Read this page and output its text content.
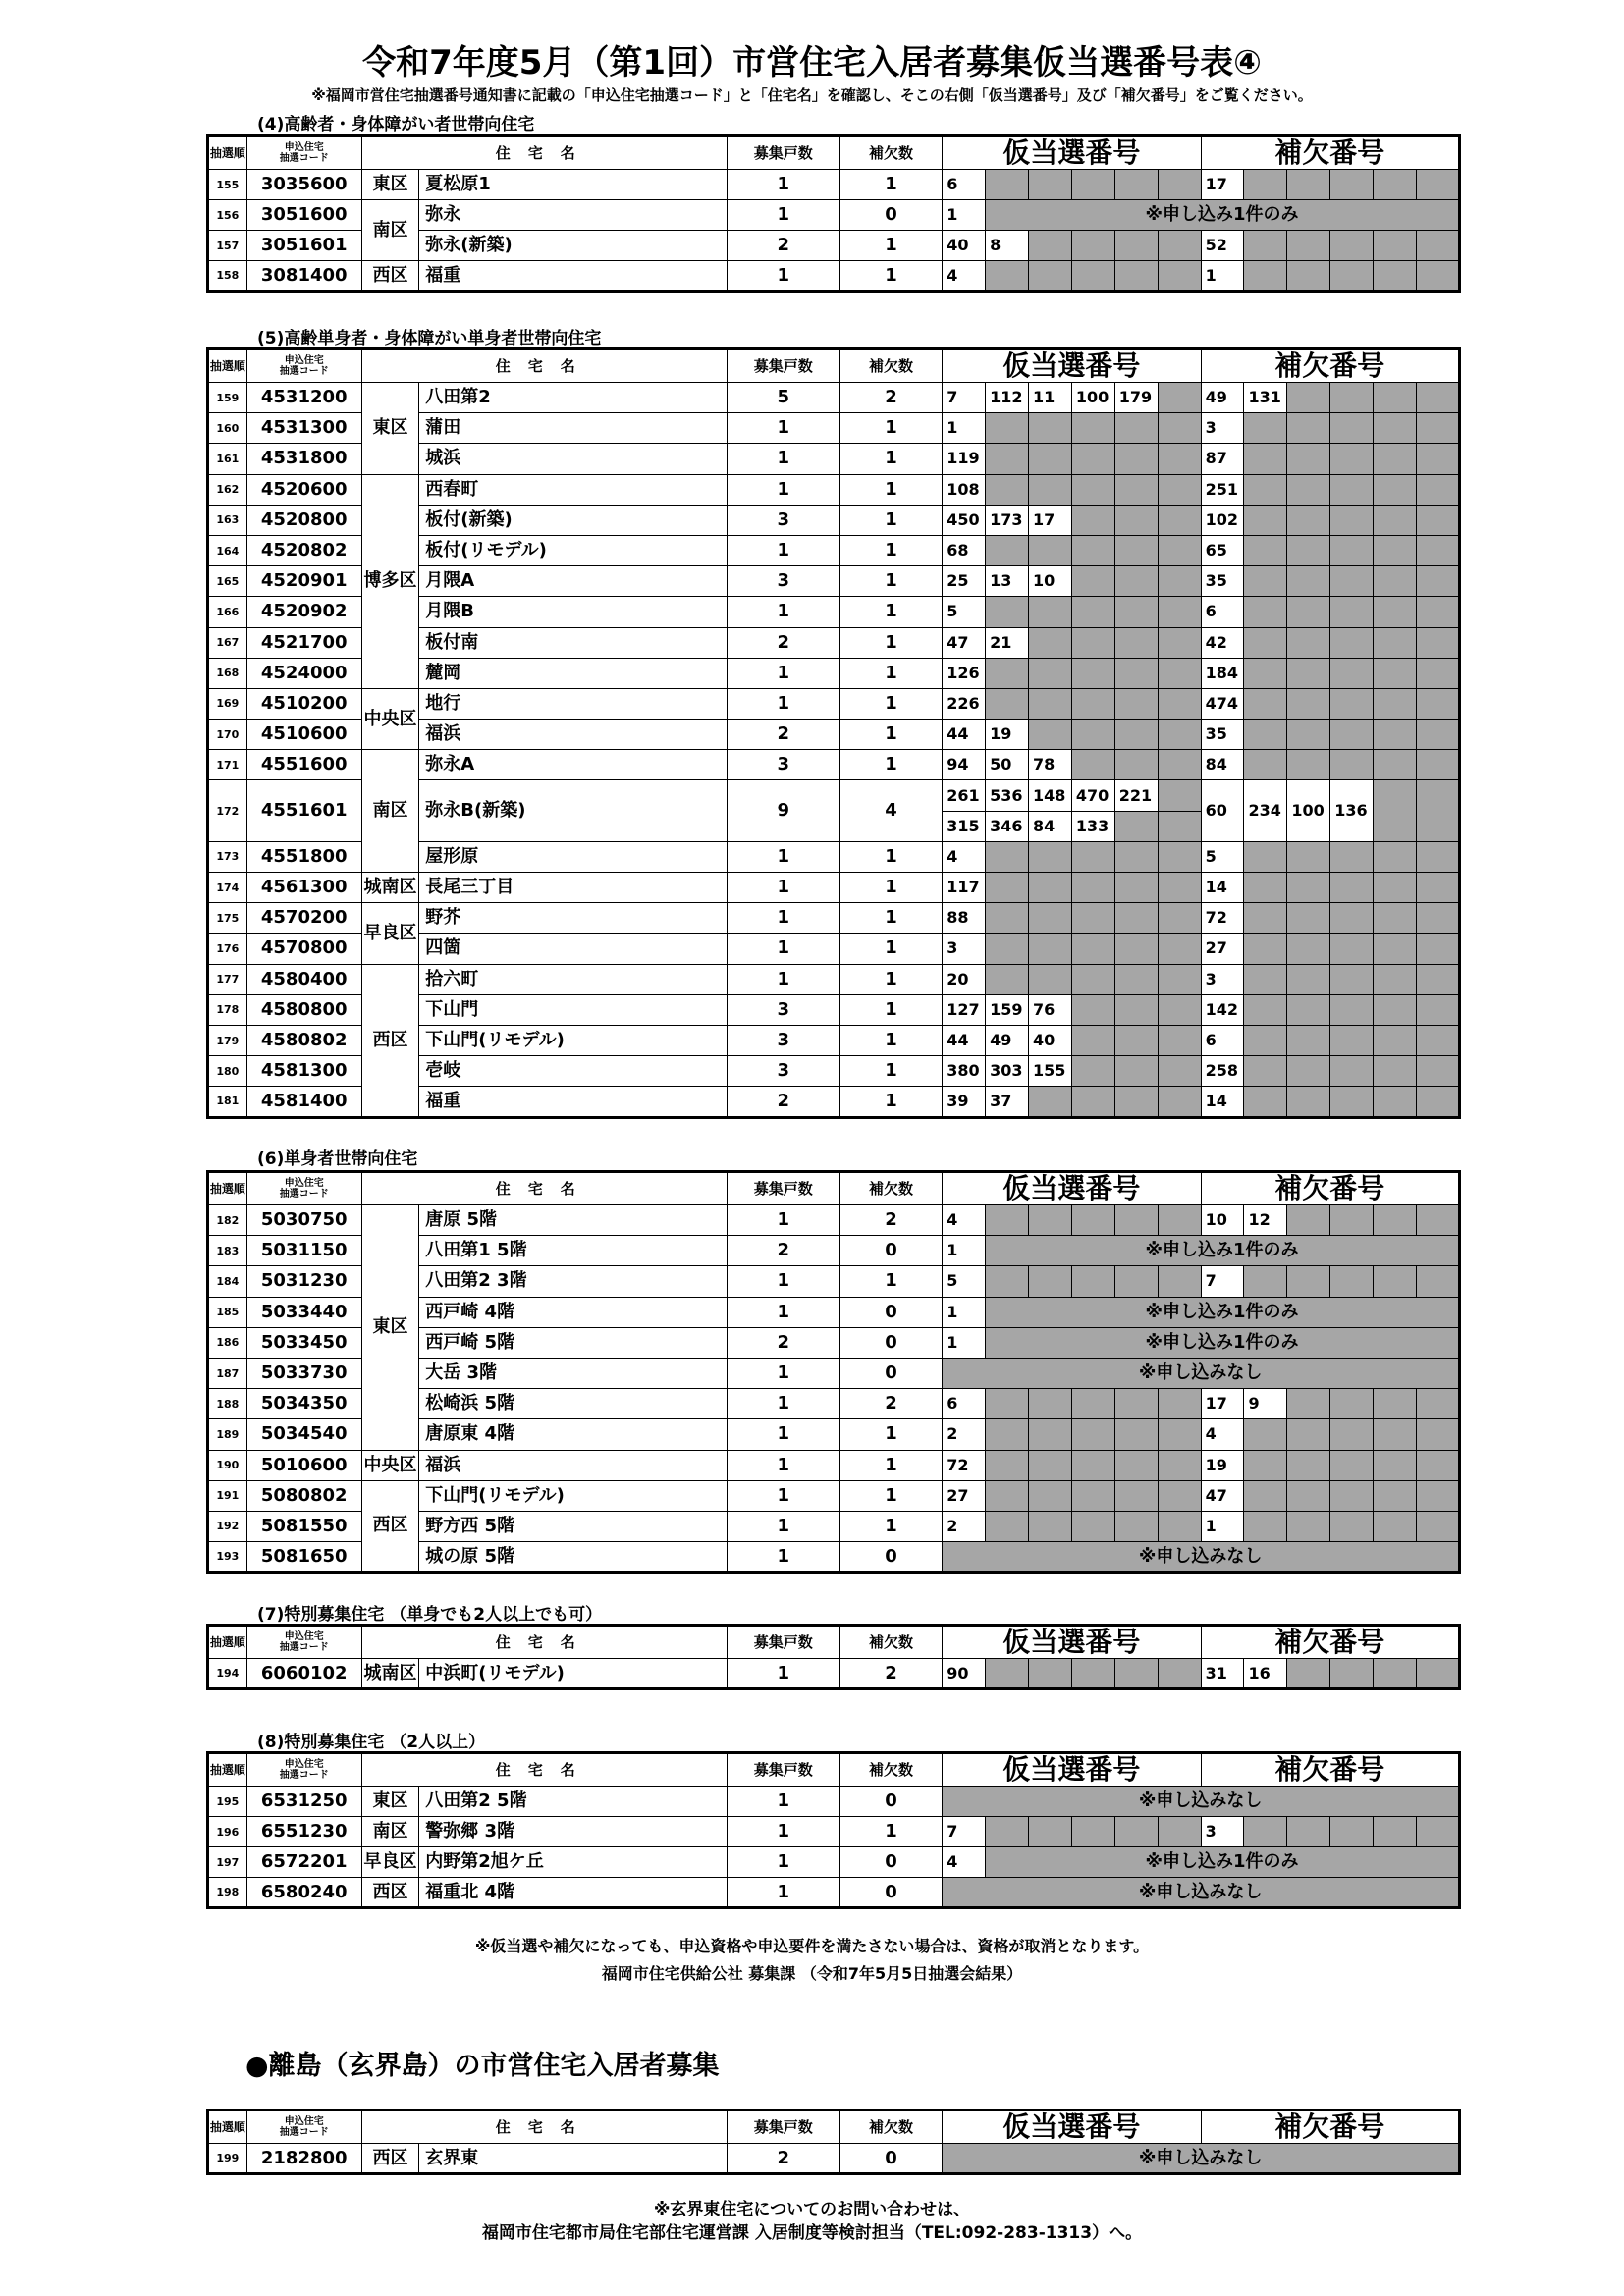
令和7年度5月（第1回）市営住宅入居者募集仮当選番号表④
※福岡市営住宅抽選番号通知書に記載の「申込住宅抽選コード」と「住宅名」を確認し、そこの右側「仮当選番号」及び「補欠番号」をご覧ください。
(4)高齢者・身体障がい者世帯向住宅
抽選順	申込住宅
抽選コード	住宅名		募集戸数	補欠数	仮当選番号						補欠番号					
155	3035600	東区	夏松原1	1	1	6						17					
156	3051600	南区	弥永	1	0	1	※申し込み1件のみ										
157	3051601		弥永(新築)	2	1	40	8					52					
158	3081400	西区	福重	1	1	4						1					
(5)高齢単身者・身体障がい単身者世帯向住宅
抽選順	申込住宅
抽選コード	住宅名		募集戸数	補欠数	仮当選番号						補欠番号					
159	4531200	東区	八田第2	5	2	7	112	11	100	179		49	131				
160	4531300		蒲田	1	1	1						3					
161	4531800		城浜	1	1	119						87					
162	4520600	博多区	西春町	1	1	108						251					
163	4520800		板付(新築)	3	1	450	173	17				102					
164	4520802		板付(リモデル)	1	1	68						65					
165	4520901		月隈A	3	1	25	13	10				35					
166	4520902		月隈B	1	1	5						6					
167	4521700		板付南	2	1	47	21					42					
168	4524000		麓岡	1	1	126						184					
169	4510200	中央区	地行	1	1	226						474					
170	4510600		福浜	2	1	44	19					35					
171	4551600	南区	弥永A	3	1	94	50	78				84					
172	4551601		弥永B(新築)	9	4	261	536	148	470	221		60	234	100	136		
						315	346	84	133								
173	4551800		屋形原	1	1	4						5					
174	4561300	城南区	長尾三丁目	1	1	117						14					
175	4570200	早良区	野芥	1	1	88						72					
176	4570800		四箇	1	1	3						27					
177	4580400	西区	拾六町	1	1	20						3					
178	4580800		下山門	3	1	127	159	76				142					
179	4580802		下山門(リモデル)	3	1	44	49	40				6					
180	4581300		壱岐	3	1	380	303	155				258					
181	4581400		福重	2	1	39	37					14					
(6)単身者世帯向住宅
抽選順	申込住宅
抽選コード	住宅名		募集戸数	補欠数	仮当選番号						補欠番号					
182	5030750	東区	唐原 5階	1	2	4						10	12				
183	5031150		八田第1 5階	2	0	1	※申し込み1件のみ										
184	5031230		八田第2 3階	1	1	5						7					
185	5033440		西戸崎 4階	1	0	1	※申し込み1件のみ										
186	5033450		西戸崎 5階	2	0	1	※申し込み1件のみ										
187	5033730		大岳 3階	1	0	※申し込みなし											
188	5034350		松崎浜 5階	1	2	6						17	9				
189	5034540		唐原東 4階	1	1	2						4					
190	5010600	中央区	福浜	1	1	72						19					
191	5080802	西区	下山門(リモデル)	1	1	27						47					
192	5081550		野方西 5階	1	1	2						1					
193	5081650		城の原 5階	1	0	※申し込みなし											
(7)特別募集住宅 （単身でも2人以上でも可）
抽選順	申込住宅
抽選コード	住宅名		募集戸数	補欠数	仮当選番号						補欠番号					
194	6060102	城南区	中浜町(リモデル)	1	2	90						31	16				
(8)特別募集住宅 （2人以上）
抽選順	申込住宅
抽選コード	住宅名		募集戸数	補欠数	仮当選番号						補欠番号					
195	6531250	東区	八田第2 5階	1	0	※申し込みなし											
196	6551230	南区	警弥郷 3階	1	1	7						3					
197	6572201	早良区	内野第2旭ケ丘	1	0	4	※申し込み1件のみ										
198	6580240	西区	福重北 4階	1	0	※申し込みなし											
※仮当選や補欠になっても、申込資格や申込要件を満たさない場合は、資格が取消となります。
福岡市住宅供給公社 募集課 （令和7年5月5日抽選会結果）
●離島（玄界島）の市営住宅入居者募集
抽選順	申込住宅
抽選コード	住宅名		募集戸数	補欠数	仮当選番号	補欠番号
199	2182800	西区	玄界東	2	0	※申し込みなし	
※玄界東住宅についてのお問い合わせは、
福岡市住宅都市局住宅部住宅運営課 入居制度等検討担当（TEL:092-283-1313）へ。
